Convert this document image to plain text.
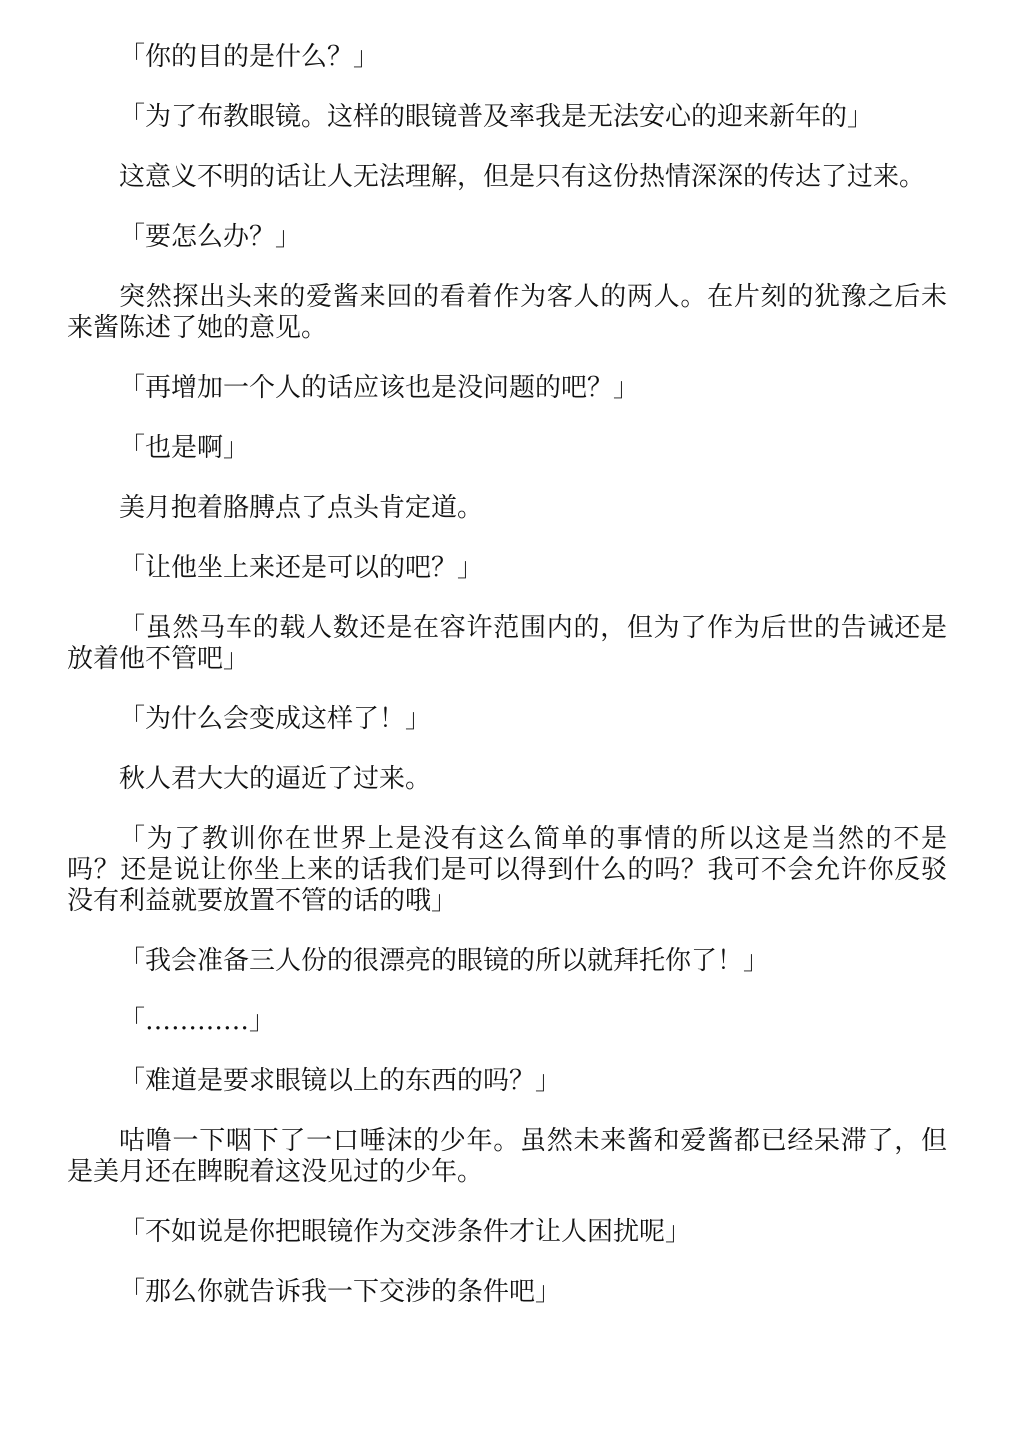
「你的目的是什么？」

「为了布教眼镜。这样的眼镜普及率我是无法安心的迎来新年的」

这意义不明的话让人无法理解，但是只有这份热情深深的传达了过来。

「要怎么办？」

突然探出头来的爱酱来回的看着作为客人的两人。在片刻的犹豫之后未来酱陈述了她的意见。

「再增加一个人的话应该也是没问题的吧？」

「也是啊」

美月抱着胳膊点了点头肯定道。

「让他坐上来还是可以的吧？」

「虽然马车的载人数还是在容许范围内的，但为了作为后世的告诫还是放着他不管吧」

「为什么会变成这样了！」

秋人君大大的逼近了过来。

「为了教训你在世界上是没有这么简单的事情的所以这是当然的不是吗？还是说让你坐上来的话我们是可以得到什么的吗？我可不会允许你反驳没有利益就要放置不管的话的哦」

「我会准备三人份的很漂亮的眼镜的所以就拜托你了！」

「…………」

「难道是要求眼镜以上的东西的吗？」

咕噜一下咽下了一口唾沫的少年。虽然未来酱和爱酱都已经呆滞了，但是美月还在睥睨着这没见过的少年。

「不如说是你把眼镜作为交涉条件才让人困扰呢」

「那么你就告诉我一下交涉的条件吧」
